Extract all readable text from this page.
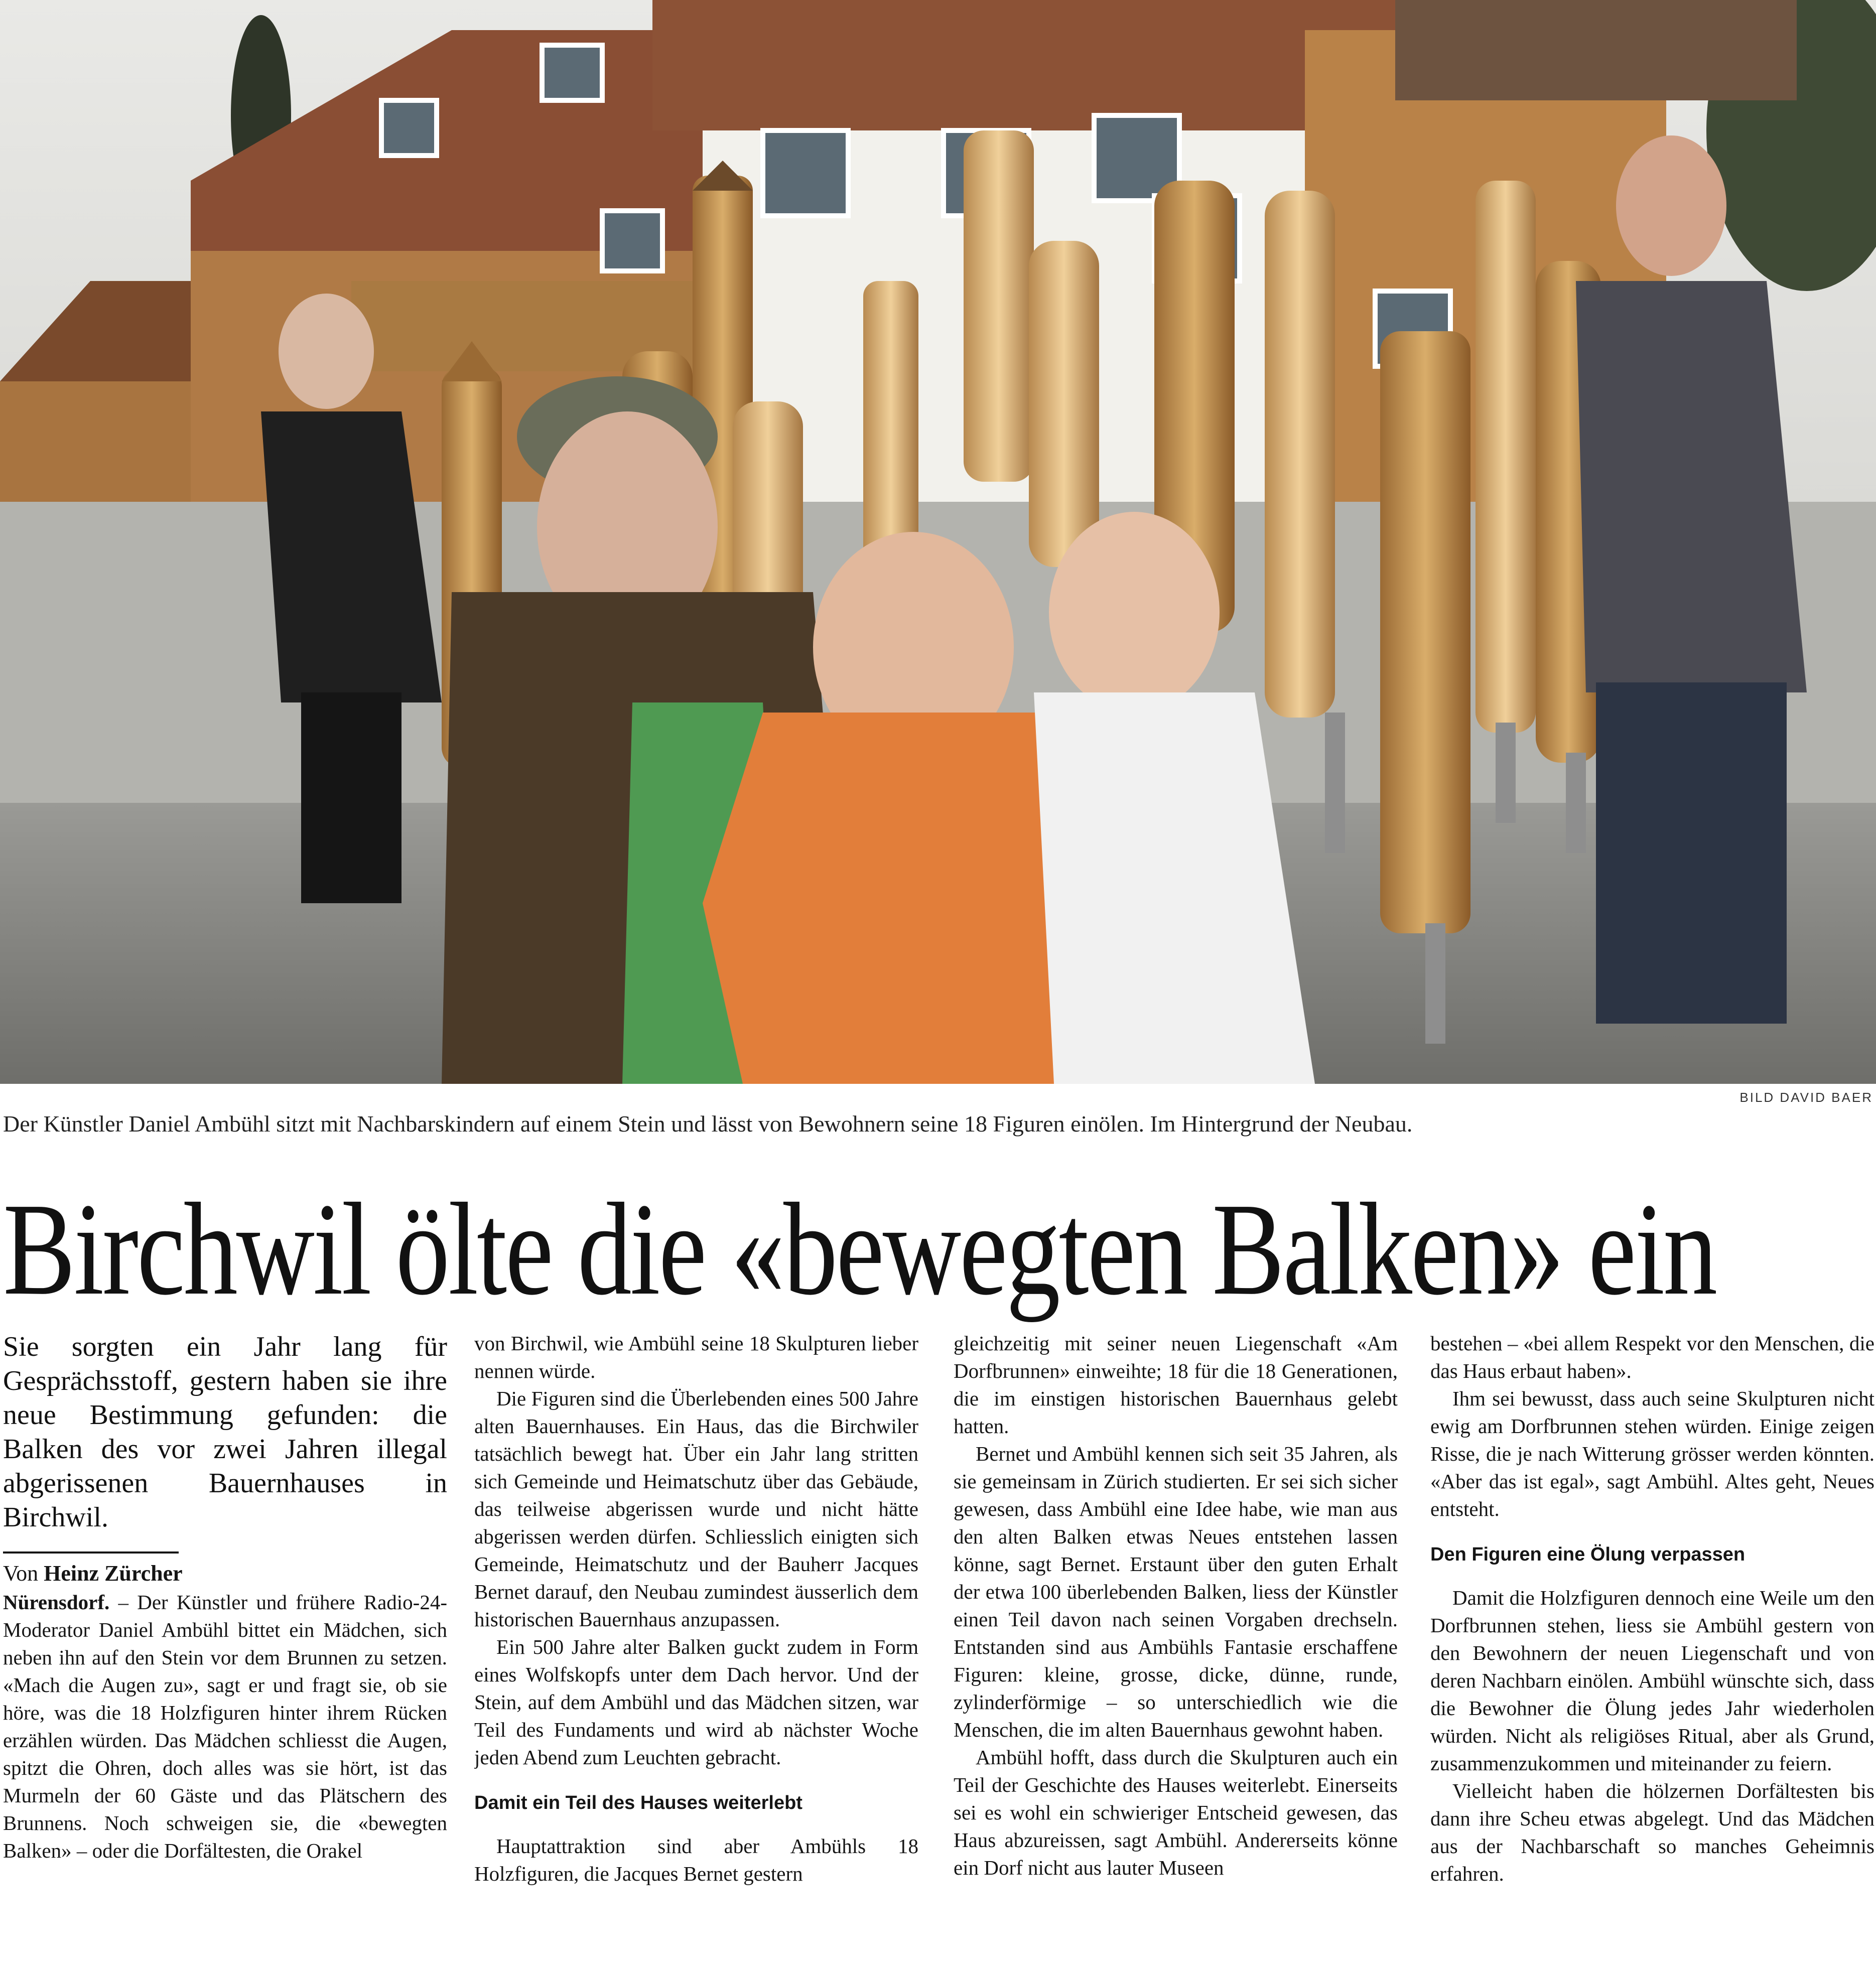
BILD DAVID BAER
Der Künstler Daniel Ambühl sitzt mit Nachbarskindern auf einem Stein und lässt von Bewohnern seine 18 Figuren einölen. Im Hintergrund der Neubau.
Birchwil ölte die «bewegten Balken» ein

Sie sorgten ein Jahr lang für Gesprächsstoff, gestern haben sie ihre neue Bestimmung gefunden: die Balken des vor zwei Jahren illegal abgerissenen Bauernhauses in Birchwil.

Von Heinz Zürcher

Nürensdorf. – Der Künstler und frühere Radio-24-Moderator Daniel Ambühl bittet ein Mädchen, sich neben ihn auf den Stein vor dem Brunnen zu setzen. «Mach die Augen zu», sagt er und fragt sie, ob sie höre, was die 18 Holzfiguren hinter ihrem Rücken erzählen würden. Das Mädchen schliesst die Augen, spitzt die Ohren, doch alles was sie hört, ist das Murmeln der 60 Gäste und das Plätschern des Brunnens. Noch schweigen sie, die «bewegten Balken» – oder die Dorfältesten, die Orakel

von Birchwil, wie Ambühl seine 18 Skulpturen lieber nennen würde.

Die Figuren sind die Überlebenden eines 500 Jahre alten Bauernhauses. Ein Haus, das die Birchwiler tatsächlich bewegt hat. Über ein Jahr lang stritten sich Gemeinde und Heimatschutz über das Gebäude, das teilweise abgerissen wurde und nicht hätte abgerissen werden dürfen. Schliesslich einigten sich Gemeinde, Heimatschutz und der Bauherr Jacques Bernet darauf, den Neubau zumindest äusserlich dem historischen Bauernhaus anzupassen.

Ein 500 Jahre alter Balken guckt zudem in Form eines Wolfskopfs unter dem Dach hervor. Und der Stein, auf dem Ambühl und das Mädchen sitzen, war Teil des Fundaments und wird ab nächster Woche jeden Abend zum Leuchten gebracht.

Damit ein Teil des Hauses weiterlebt

Hauptattraktion sind aber Ambühls 18 Holzfiguren, die Jacques Bernet gestern

gleichzeitig mit seiner neuen Liegenschaft «Am Dorfbrunnen» einweihte; 18 für die 18 Generationen, die im einstigen historischen Bauernhaus gelebt hatten.

Bernet und Ambühl kennen sich seit 35 Jahren, als sie gemeinsam in Zürich studierten. Er sei sich sicher gewesen, dass Ambühl eine Idee habe, wie man aus den alten Balken etwas Neues entstehen lassen könne, sagt Bernet. Erstaunt über den guten Erhalt der etwa 100 überlebenden Balken, liess der Künstler einen Teil davon nach seinen Vorgaben drechseln. Entstanden sind aus Ambühls Fantasie erschaffene Figuren: kleine, grosse, dicke, dünne, runde, zylinderförmige – so unterschiedlich wie die Menschen, die im alten Bauernhaus gewohnt haben.

Ambühl hofft, dass durch die Skulpturen auch ein Teil der Geschichte des Hauses weiterlebt. Einerseits sei es wohl ein schwieriger Entscheid gewesen, das Haus abzureissen, sagt Ambühl. Andererseits könne ein Dorf nicht aus lauter Museen

bestehen – «bei allem Respekt vor den Menschen, die das Haus erbaut haben».

Ihm sei bewusst, dass auch seine Skulpturen nicht ewig am Dorfbrunnen stehen würden. Einige zeigen Risse, die je nach Witterung grösser werden könnten. «Aber das ist egal», sagt Ambühl. Altes geht, Neues entsteht.

Den Figuren eine Ölung verpassen

Damit die Holzfiguren dennoch eine Weile um den Dorfbrunnen stehen, liess sie Ambühl gestern von den Bewohnern der neuen Liegenschaft und von deren Nachbarn einölen. Ambühl wünschte sich, dass die Bewohner die Ölung jedes Jahr wiederholen würden. Nicht als religiöses Ritual, aber als Grund, zusammenzukommen und miteinander zu feiern.

Vielleicht haben die hölzernen Dorfältesten bis dann ihre Scheu etwas abgelegt. Und das Mädchen aus der Nachbarschaft so manches Geheimnis erfahren.
